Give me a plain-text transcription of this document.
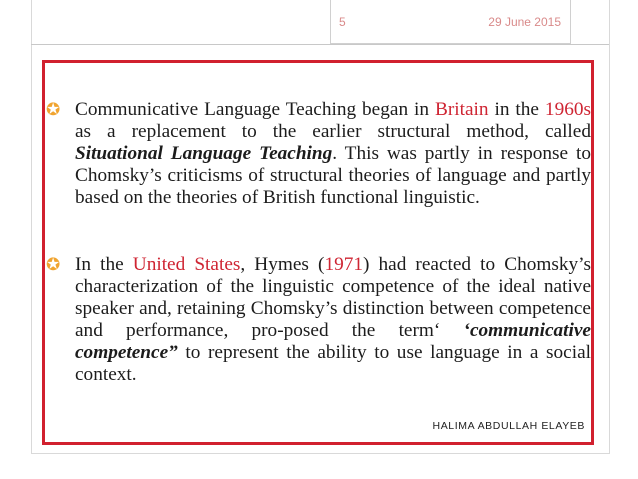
5	29 June 2015
✪ Communicative Language Teaching began in Britain in the 1960s as a replacement to the earlier structural method, called Situational Language Teaching. This was partly in response to Chomsky’s criticisms of structural theories of language and partly based on the theories of British functional linguistic.
✪ In the United States, Hymes (1971) had reacted to Chomsky’s characterization of the linguistic competence of the ideal native speaker and, retaining Chomsky’s distinction between competence and performance, pro-posed the term‘ ‘communicative competence” to represent the ability to use language in a social context.
HALIMA ABDULLAH ELAYEB
